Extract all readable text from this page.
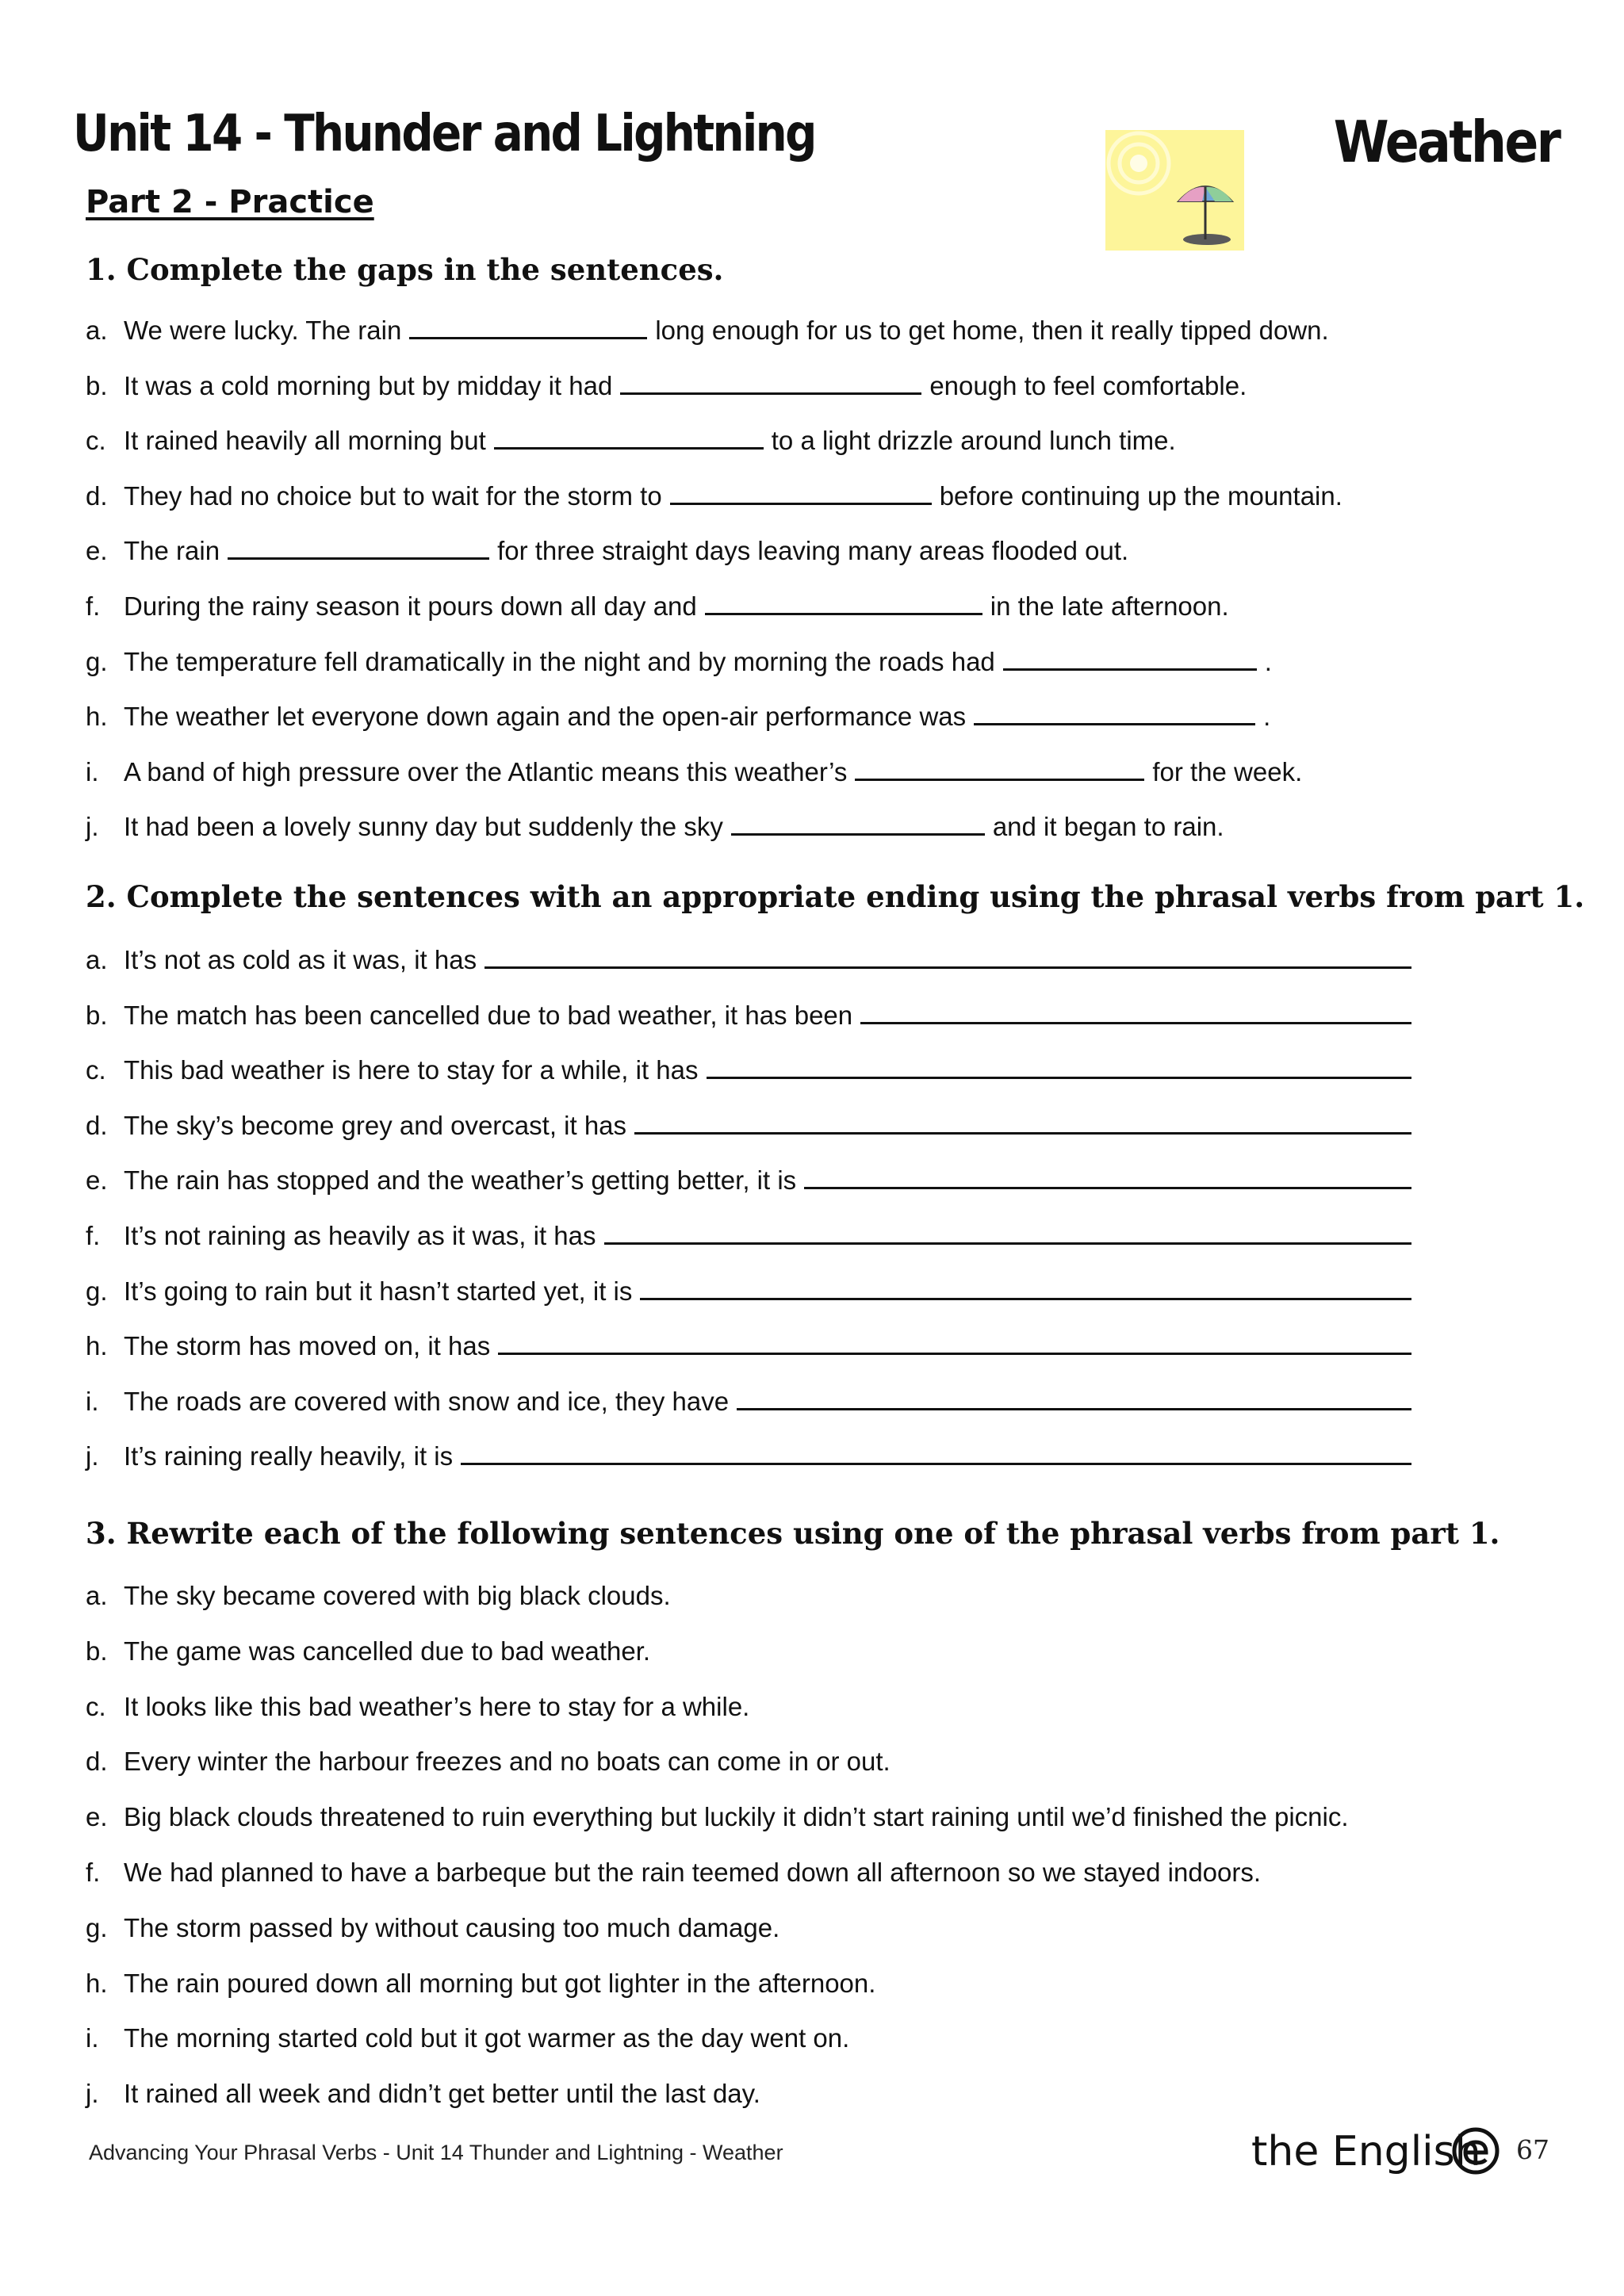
Unit 14 - Thunder and Lightning	Weather
Part 2 - Practice
1. Complete the gaps in the sentences.
a. We were lucky. The rain	long enough for us to get home, then it really tipped down.
b. It was a cold morning but by midday it had	enough to feel comfortable.
c. It rained heavily all morning but	to a light drizzle around lunch time.
d. They had no choice but to wait for the storm to	before continuing up the mountain.
e. The rain	for three straight days leaving many areas flooded out.
f. During the rainy season it pours down all day and	in the late afternoon.
g. The temperature fell dramatically in the night and by morning the roads had	.
h. The weather let everyone down again and the open-air performance was	.
i. A band of high pressure over the Atlantic means this weather’s	for the week.
j. It had been a lovely sunny day but suddenly the sky	and it began to rain.
2. Complete the sentences with an appropriate ending using the phrasal verbs from part 1.
a. It’s not as cold as it was, it has
b. The match has been cancelled due to bad weather, it has been
c. This bad weather is here to stay for a while, it has
d. The sky’s become grey and overcast, it has
e. The rain has stopped and the weather’s getting better, it is
f. It’s not raining as heavily as it was, it has
g. It’s going to rain but it hasn’t started yet, it is
h. The storm has moved on, it has
i. The roads are covered with snow and ice, they have
j. It’s raining really heavily, it is
3. Rewrite each of the following sentences using one of the phrasal verbs from part 1.
a. The sky became covered with big black clouds.
b. The game was cancelled due to bad weather.
c. It looks like this bad weather’s here to stay for a while.
d. Every winter the harbour freezes and no boats can come in or out.
e. Big black clouds threatened to ruin everything but luckily it didn’t start raining until we’d finished the picnic.
f. We had planned to have a barbeque but the rain teemed down all afternoon so we stayed indoors.
g. The storm passed by without causing too much damage.
h. The rain poured down all morning but got lighter in the afternoon.
i. The morning started cold but it got warmer as the day went on.
j. It rained all week and didn’t get better until the last day.
Advancing Your Phrasal Verbs - Unit 14 Thunder and Lightning - Weather	the English 67
